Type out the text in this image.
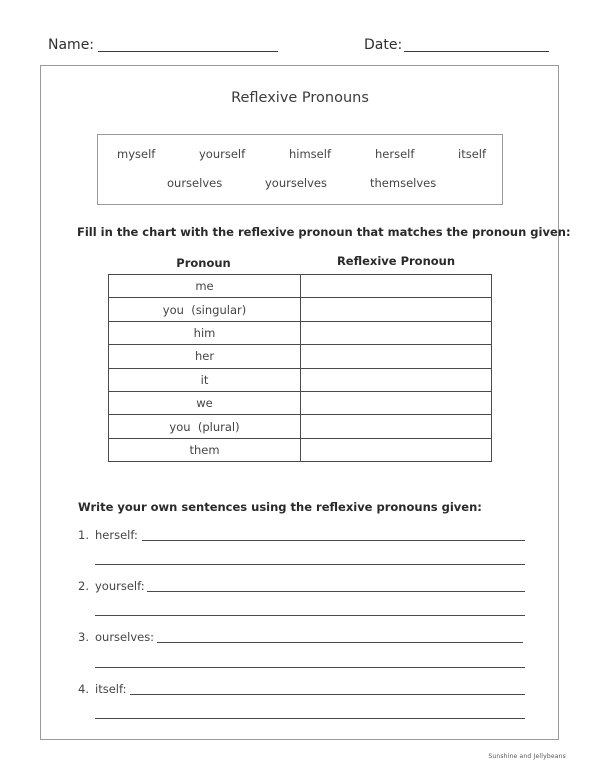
Name:	Date:
Reflexive Pronouns
myself	yourself	himself	herself	itself
ourselves	yourselves	themselves
Fill in the chart with the reflexive pronoun that matches the pronoun given:
Pronoun	Reflexive Pronoun
me	
you  (singular)	
him	
her	
it	
we	
you  (plural)	
them	
Write your own sentences using the reflexive pronouns given:
1. herself:
2. yourself:
3. ourselves:
4. itself:
Sunshine and Jellybeans
